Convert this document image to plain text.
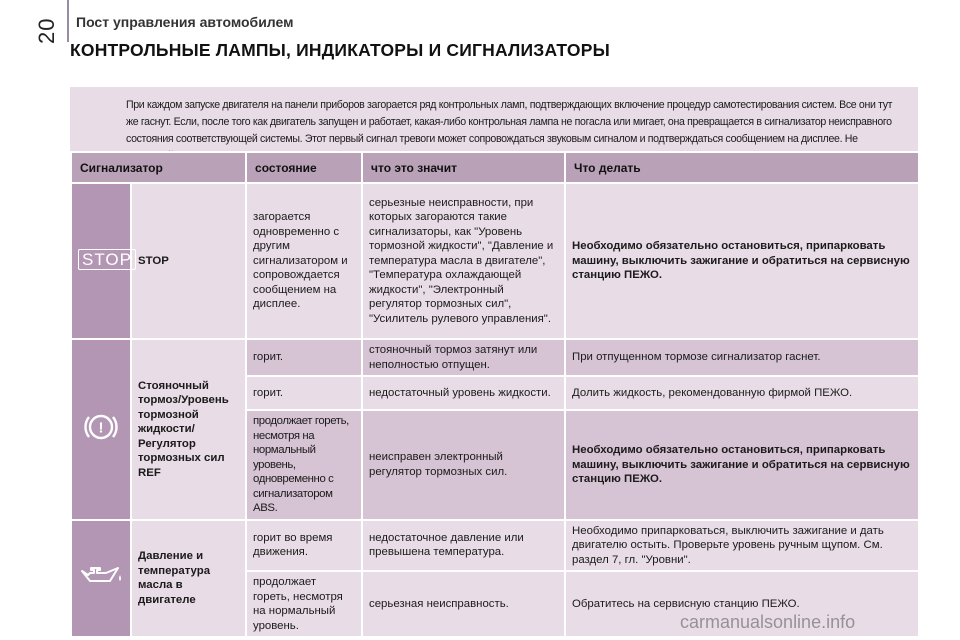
20 Пост управления автомобилем
КОНТРОЛЬНЫЕ ЛАМПЫ, ИНДИКАТОРЫ И СИГНАЛИЗАТОРЫ
При каждом запуске двигателя на панели приборов загорается ряд контрольных ламп, подтверждающих включение процедур самотестирования систем. Все они тут же гаснут. Если, после того как двигатель запущен и работает, какая-либо контрольная лампа не погасла или мигает, она превращается в сигнализатор неисправного состояния соответствующей системы. Этот первый сигнал тревоги может сопровождаться звуковым сигналом и подтверждаться сообщением на дисплее. Не
Сигнализатор		состояние	что это значит	Что делать
STOP	STOP	загорается одновременно с другим сигнализатором и сопровождается сообщением на дисплее.	серьезные неисправности, при которых загораются такие сигнализаторы, как "Уровень тормозной жидкости", "Давление и температура масла в двигателе", "Температура охлаждающей жидкости", "Электронный регулятор тормозных сил", "Усилитель рулевого управления".	Необходимо обязательно остановиться, припарковать машину, выключить зажигание и обратиться на сервисную станцию ПЕЖО.

!	Стояночный тормоз/Уровень тормозной жидкости/ Регулятор тормозных сил REF	горит.	стояночный тормоз затянут или неполностью отпущен.	При отпущенном тормозе сигнализатор гаснет.
		горит.	недостаточный уровень жидкости.	Долить жидкость, рекомендованную фирмой ПЕЖО.
		продолжает гореть, несмотря на нормальный уровень, одновременно с сигнализатором ABS.	неисправен электронный регулятор тормозных сил.	Необходимо обязательно остановиться, припарковать машину, выключить зажигание и обратиться на сервисную станцию ПЕЖО.
	Давление и температура масла в двигателе	горит во время движения.	недостаточное давление или превышена температура.	Необходимо припарковаться, выключить зажигание и дать двигателю остыть. Проверьте уровень ручным щупом. См. раздел 7, гл. "Уровни".
		продолжает гореть, несмотря на нормальный уровень.	серьезная неисправность.	Обратитесь на сервисную станцию ПЕЖО.
carmanualsonline.info
